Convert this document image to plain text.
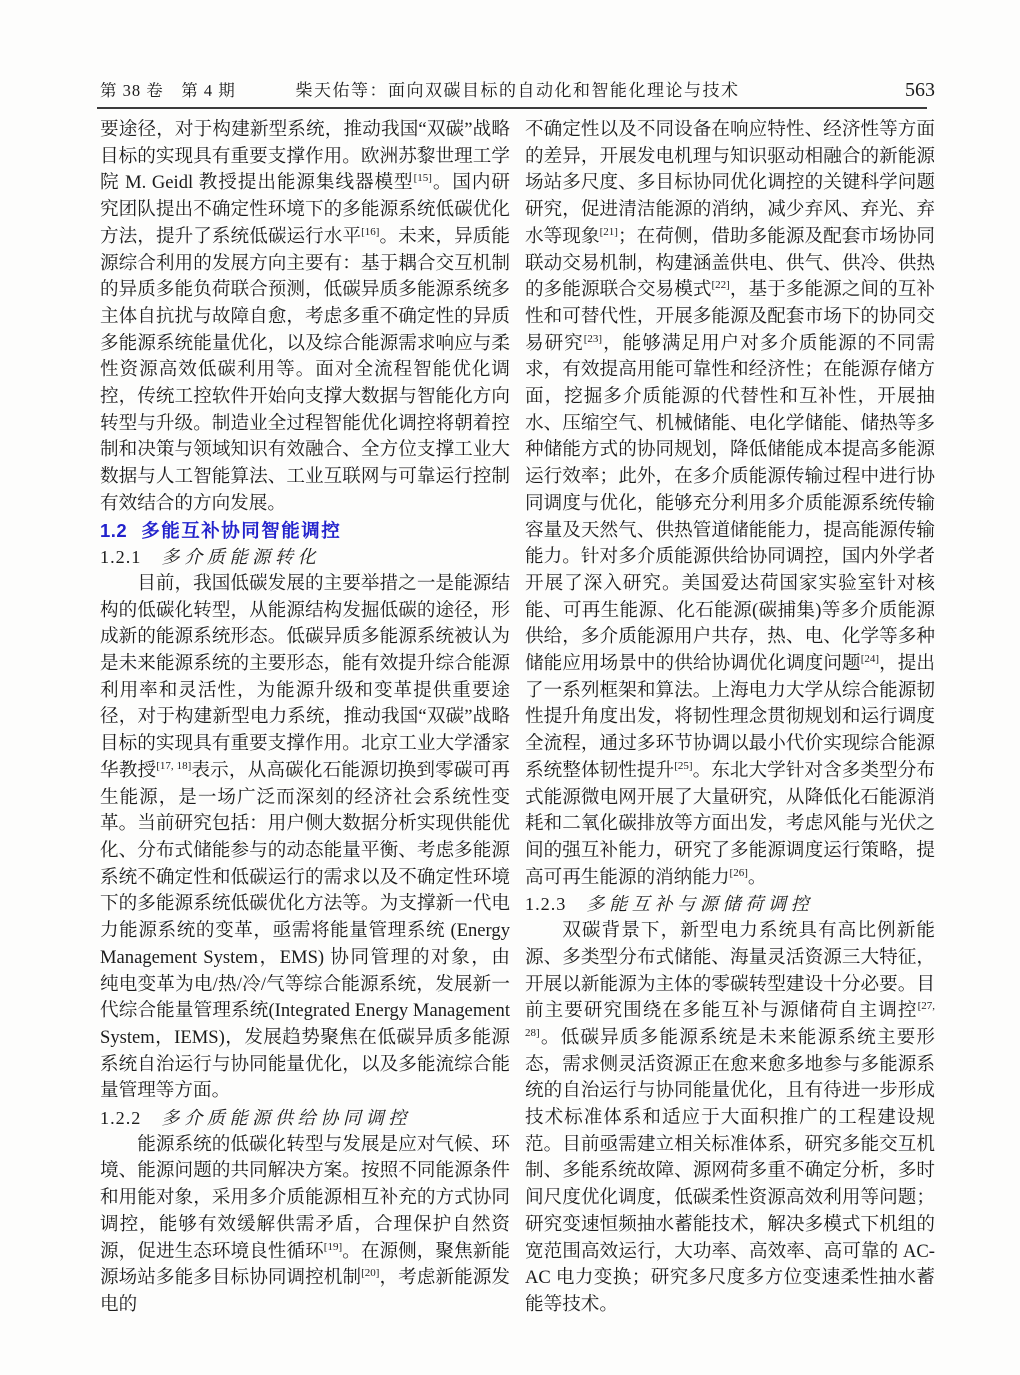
第 38 卷　第 4 期	柴天佑等：面向双碳目标的自动化和智能化理论与技术	563

要途径，对于构建新型系统，推动我国“双碳”战略目标的实现具有重要支撑作用。欧洲苏黎世理工学院 M. Geidl 教授提出能源集线器模型[15]。国内研究团队提出不确定性环境下的多能源系统低碳优化方法，提升了系统低碳运行水平[16]。未来，异质能源综合利用的发展方向主要有：基于耦合交互机制的异质多能负荷联合预测，低碳异质多能源系统多主体自抗扰与故障自愈，考虑多重不确定性的异质多能源系统能量优化，以及综合能源需求响应与柔性资源高效低碳利用等。面对全流程智能优化调控，传统工控软件开始向支撑大数据与智能化方向转型与升级。制造业全过程智能优化调控将朝着控制和决策与领域知识有效融合、全方位支撑工业大数据与人工智能算法、工业互联网与可靠运行控制有效结合的方向发展。

1.2 多能互补协同智能调控
1.2.1 多介质能源转化

目前，我国低碳发展的主要举措之一是能源结构的低碳化转型，从能源结构发掘低碳的途径，形成新的能源系统形态。低碳异质多能源系统被认为是未来能源系统的主要形态，能有效提升综合能源利用率和灵活性，为能源升级和变革提供重要途径，对于构建新型电力系统，推动我国“双碳”战略目标的实现具有重要支撑作用。北京工业大学潘家华教授[17, 18]表示，从高碳化石能源切换到零碳可再生能源，是一场广泛而深刻的经济社会系统性变革。当前研究包括：用户侧大数据分析实现供能优化、分布式储能参与的动态能量平衡、考虑多能源系统不确定性和低碳运行的需求以及不确定性环境下的多能源系统低碳优化方法等。为支撑新一代电力能源系统的变革，亟需将能量管理系统 (Energy Management System，EMS) 协同管理的对象，由纯电变革为电/热/冷/气等综合能源系统，发展新一代综合能量管理系统(Integrated Energy Management System，IEMS)，发展趋势聚焦在低碳异质多能源系统自治运行与协同能量优化，以及多能流综合能量管理等方面。

1.2.2 多介质能源供给协同调控

能源系统的低碳化转型与发展是应对气候、环境、能源问题的共同解决方案。按照不同能源条件和用能对象，采用多介质能源相互补充的方式协同调控，能够有效缓解供需矛盾，合理保护自然资源，促进生态环境良性循环[19]。在源侧，聚焦新能源场站多能多目标协同调控机制[20]，考虑新能源发电的

不确定性以及不同设备在响应特性、经济性等方面的差异，开展发电机理与知识驱动相融合的新能源场站多尺度、多目标协同优化调控的关键科学问题研究，促进清洁能源的消纳，减少弃风、弃光、弃水等现象[21]；在荷侧，借助多能源及配套市场协同联动交易机制，构建涵盖供电、供气、供冷、供热的多能源联合交易模式[22]，基于多能源之间的互补性和可替代性，开展多能源及配套市场下的协同交易研究[23]，能够满足用户对多介质能源的不同需求，有效提高用能可靠性和经济性；在能源存储方面，挖掘多介质能源的代替性和互补性，开展抽水、压缩空气、机械储能、电化学储能、储热等多种储能方式的协同规划，降低储能成本提高多能源运行效率；此外，在多介质能源传输过程中进行协同调度与优化，能够充分利用多介质能源系统传输容量及天然气、供热管道储能能力，提高能源传输能力。针对多介质能源供给协同调控，国内外学者开展了深入研究。美国爱达荷国家实验室针对核能、可再生能源、化石能源(碳捕集)等多介质能源供给，多介质能源用户共存，热、电、化学等多种储能应用场景中的供给协调优化调度问题[24]，提出了一系列框架和算法。上海电力大学从综合能源韧性提升角度出发，将韧性理念贯彻规划和运行调度全流程，通过多环节协调以最小代价实现综合能源系统整体韧性提升[25]。东北大学针对含多类型分布式能源微电网开展了大量研究，从降低化石能源消耗和二氧化碳排放等方面出发，考虑风能与光伏之间的强互补能力，研究了多能源调度运行策略，提高可再生能源的消纳能力[26]。

1.2.3 多能互补与源储荷调控

双碳背景下，新型电力系统具有高比例新能源、多类型分布式储能、海量灵活资源三大特征，开展以新能源为主体的零碳转型建设十分必要。目前主要研究围绕在多能互补与源储荷自主调控[27, 28]。低碳异质多能源系统是未来能源系统主要形态，需求侧灵活资源正在愈来愈多地参与多能源系统的自治运行与协同能量优化，且有待进一步形成技术标准体系和适应于大面积推广的工程建设规范。目前亟需建立相关标准体系，研究多能交互机制、多能系统故障、源网荷多重不确定分析，多时间尺度优化调度，低碳柔性资源高效利用等问题；研究变速恒频抽水蓄能技术，解决多模式下机组的宽范围高效运行，大功率、高效率、高可靠的 AC-AC 电力变换；研究多尺度多方位变速柔性抽水蓄能等技术。
